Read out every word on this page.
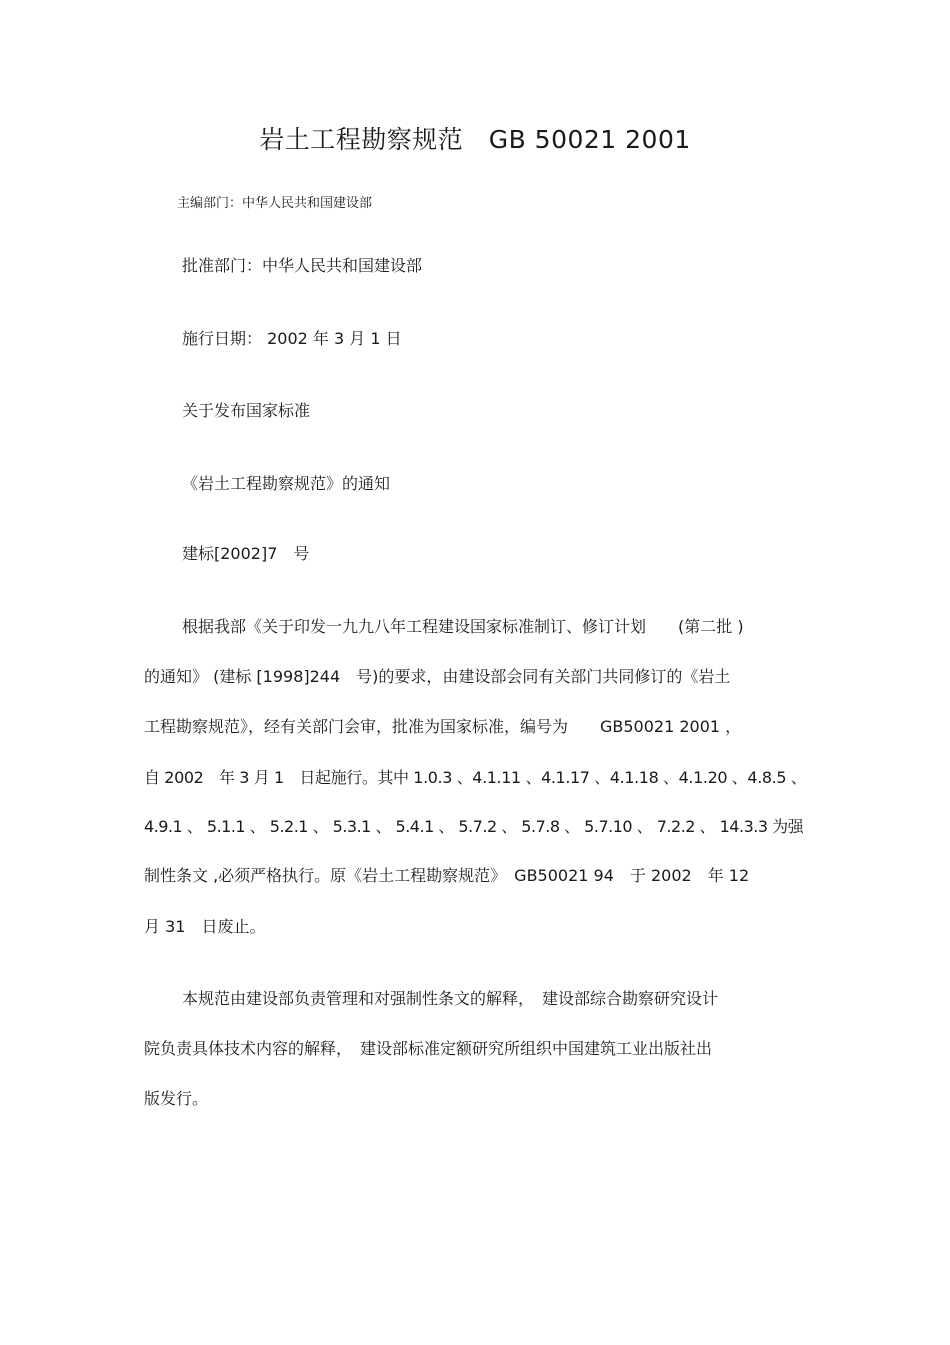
岩土工程勘察规范　GB 50021 2001
主编部门：中华人民共和国建设部
批准部门：中华人民共和国建设部
施行日期： 2002 年 3 月 1 日
关于发布国家标准
《岩土工程勘察规范》的通知
建标[2002]7　号
根据我部《关于印发一九九八年工程建设国家标准制订、修订计划　　(第二批 )
的通知》 (建标 [1998]244　号)的要求，由建设部会同有关部门共同修订的《岩土
工程勘察规范》，经有关部门会审，批准为国家标准，编号为　　GB50021 2001 ，
自 2002　年 3 月 1　日起施行。其中 1.0.3 、4.1.11 、4.1.17 、4.1.18 、4.1.20 、4.8.5 、
4.9.1 、 5.1.1 、 5.2.1 、 5.3.1 、 5.4.1 、 5.7.2 、 5.7.8 、 5.7.10 、 7.2.2 、 14.3.3 为强
制性条文 ,必须严格执行。原《岩土工程勘察规范》　GB50021 94　于 2002　年 12
月 31　日废止。
本规范由建设部负责管理和对强制性条文的解释，　建设部综合勘察研究设计
院负责具体技术内容的解释，　建设部标准定额研究所组织中国建筑工业出版社出
版发行。
